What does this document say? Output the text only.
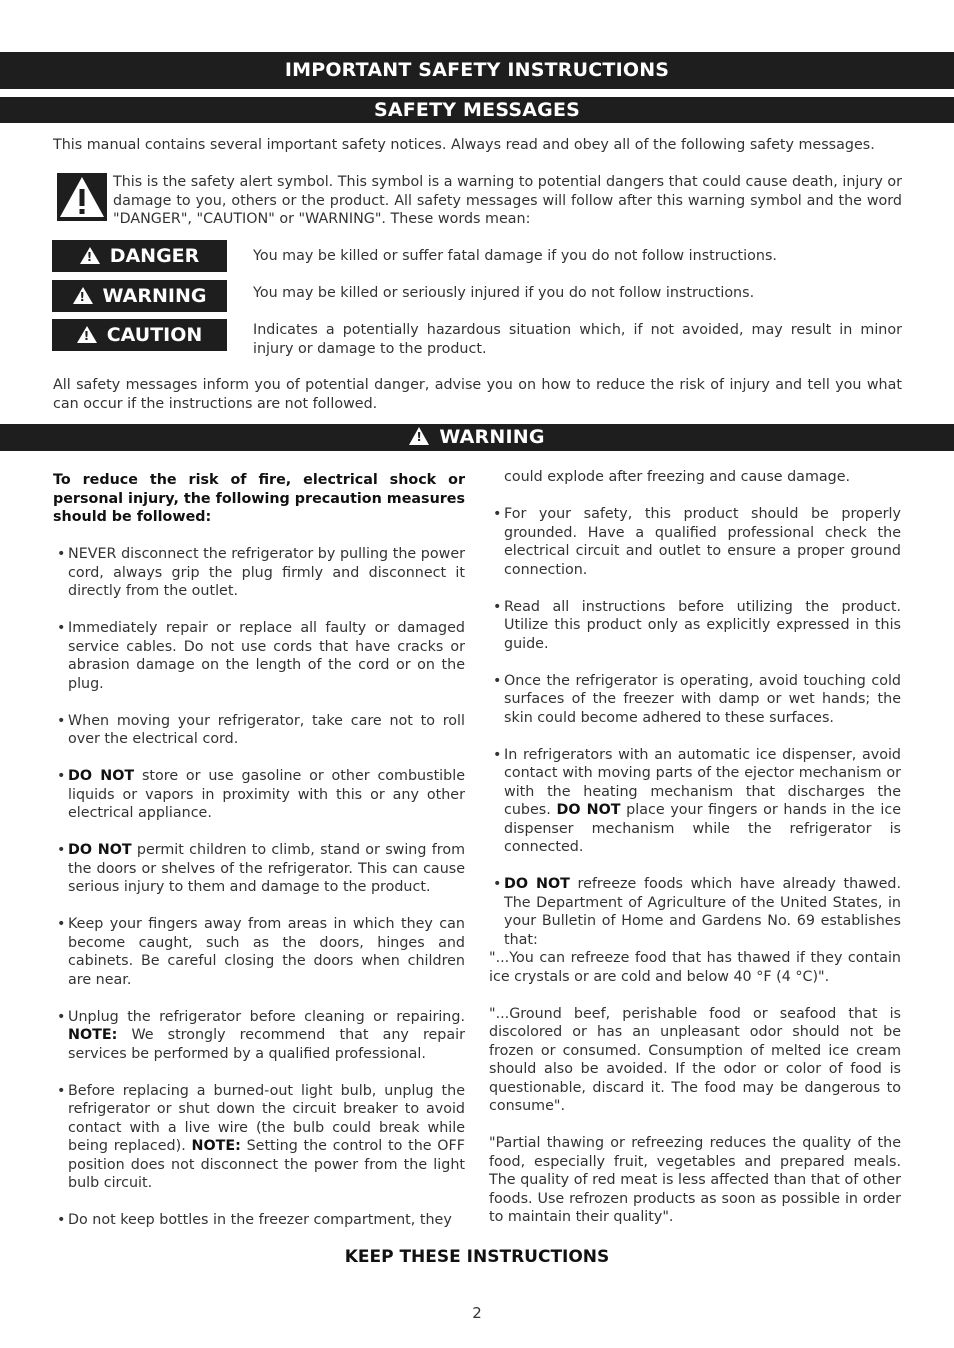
IMPORTANT SAFETY INSTRUCTIONS
SAFETY MESSAGES
This manual contains several important safety notices. Always read and obey all of the following safety messages.
This is the safety alert symbol. This symbol is a warning to potential dangers that could cause death, injury or damage to you, others or the product. All safety messages will follow after this warning symbol and the word "DANGER", "CAUTION" or "WARNING". These words mean:
!DANGER	You may be killed or suffer fatal damage if you do not follow instructions.
!WARNING	You may be killed or seriously injured if you do not follow instructions.
!CAUTION	Indicates a potentially hazardous situation which, if not avoided, may result in minor injury or damage to the product.
All safety messages inform you of potential danger, advise you on how to reduce the risk of injury and tell you what can occur if the instructions are not followed.
!WARNING

To reduce the risk of fire, electrical shock or personal injury, the following precaution measures should be followed:

• NEVER disconnect the refrigerator by pulling the power cord, always grip the plug firmly and disconnect it directly from the outlet.

• Immediately repair or replace all faulty or damaged service cables. Do not use cords that have cracks or abrasion damage on the length of the cord or on the plug.

• When moving your refrigerator, take care not to roll over the electrical cord.

• DO NOT store or use gasoline or other combustible liquids or vapors in proximity with this or any other electrical appliance.

• DO NOT permit children to climb, stand or swing from the doors or shelves of the refrigerator. This can cause serious injury to them and damage to the product.

• Keep your fingers away from areas in which they can become caught, such as the doors, hinges and cabinets. Be careful closing the doors when children are near.

• Unplug the refrigerator before cleaning or repairing. NOTE: We strongly recommend that any repair services be performed by a qualified professional.

• Before replacing a burned-out light bulb, unplug the refrigerator or shut down the circuit breaker to avoid contact with a live wire (the bulb could break while being replaced). NOTE: Setting the control to the OFF position does not disconnect the power from the light bulb circuit.

• Do not keep bottles in the freezer compartment, they

could explode after freezing and cause damage.

• For your safety, this product should be properly grounded. Have a qualified professional check the electrical circuit and outlet to ensure a proper ground connection.

• Read all instructions before utilizing the product. Utilize this product only as explicitly expressed in this guide.

• Once the refrigerator is operating, avoid touching cold surfaces of the freezer with damp or wet hands; the skin could become adhered to these surfaces.

• In refrigerators with an automatic ice dispenser, avoid contact with moving parts of the ejector mechanism or with the heating mechanism that discharges the cubes. DO NOT place your fingers or hands in the ice dispenser mechanism while the refrigerator is connected.

• DO NOT refreeze foods which have already thawed. The Department of Agriculture of the United States, in your Bulletin of Home and Gardens No. 69 establishes that:

"...You can refreeze food that has thawed if they contain ice crystals or are cold and below 40 °F (4 °C)".

"...Ground beef, perishable food or seafood that is discolored or has an unpleasant odor should not be frozen or consumed. Consumption of melted ice cream should also be avoided. If the odor or color of food is questionable, discard it. The food may be dangerous to consume".

"Partial thawing or refreezing reduces the quality of the food, especially fruit, vegetables and prepared meals. The quality of red meat is less affected than that of other foods. Use refrozen products as soon as possible in order to maintain their quality".

KEEP THESE INSTRUCTIONS
2
